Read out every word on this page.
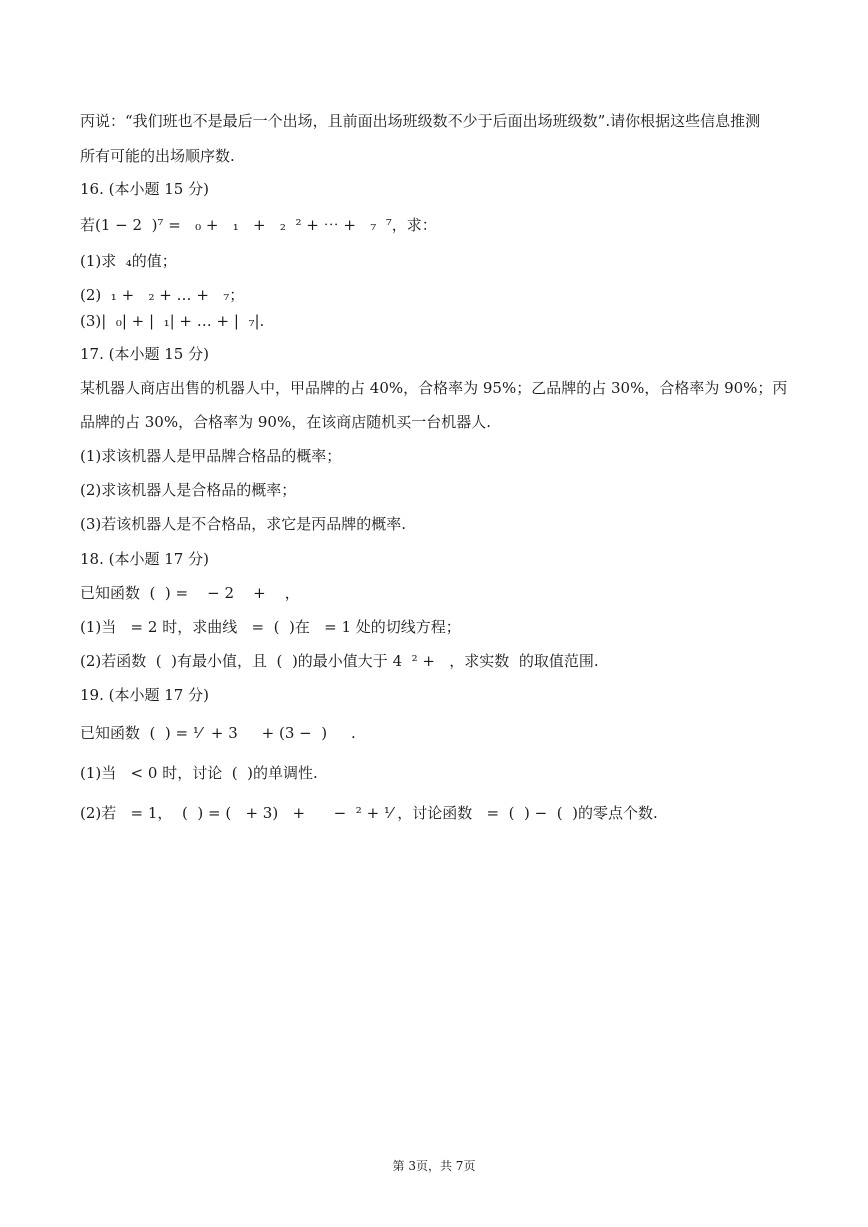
丙说：“我们班也不是最后一个出场，且前面出场班级数不少于后面出场班级数”.请你根据这些信息推测

所有可能的出场顺序数.

16. (本小题 15 分)

若(1 − 2  )⁷ =   ₀ +   ₁   +   ₂  ² + ⋯ +   ₇  ⁷，求：

(1)求  ₄的值；

(2)  ₁ +   ₂ + … +   ₇；

(3)|  ₀| + |  ₁| + … + |  ₇|.

17. (本小题 15 分)

某机器人商店出售的机器人中，甲品牌的占 40%，合格率为 95%；乙品牌的占 30%，合格率为 90%；丙

品牌的占 30%，合格率为 90%，在该商店随机买一台机器人.

(1)求该机器人是甲品牌合格品的概率；

(2)求该机器人是合格品的概率；

(3)若该机器人是不合格品，求它是丙品牌的概率.

18. (本小题 17 分)

已知函数  (  ) =    − 2    +    ，

(1)当   = 2 时，求曲线   =  (  )在   = 1 处的切线方程；

(2)若函数  (  )有最小值，且  (  )的最小值大于 4  ² +   ，求实数  的取值范围.

19. (本小题 17 分)

已知函数  (  ) = ¹⁄  + 3     + (3 −  )     .

(1)当   < 0 时，讨论  (  )的单调性.

(2)若   = 1，  (  ) = (   + 3)   +      −  ² + ¹⁄ ，讨论函数   =  (  ) −  (  )的零点个数.

第 3页，共 7页
